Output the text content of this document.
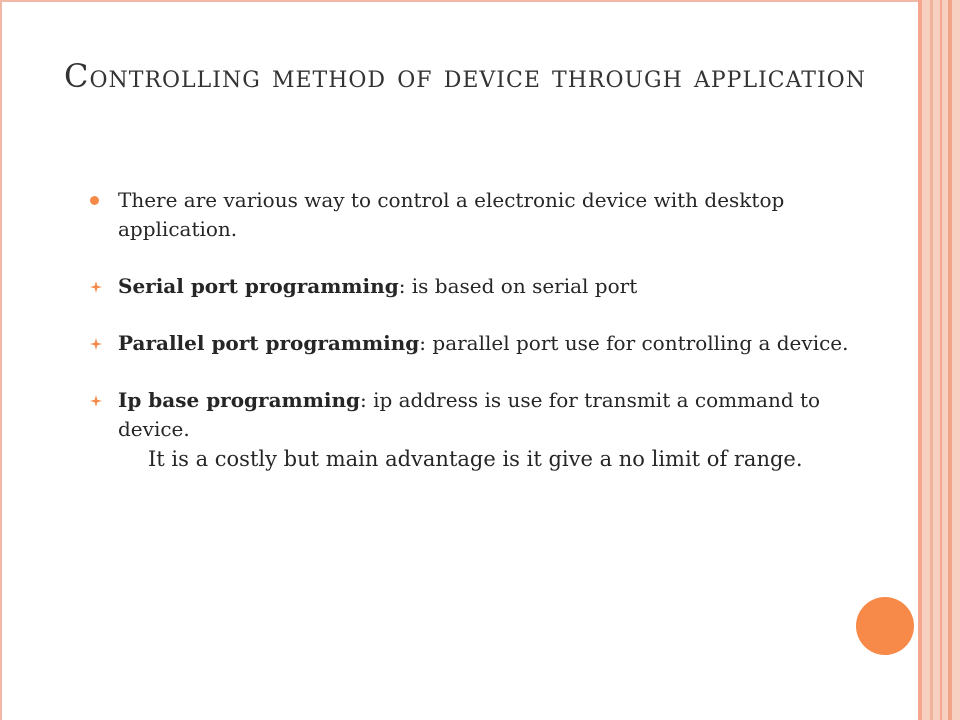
Controlling method of device through application
There are various way to control a electronic device with desktop application.
Serial port programming: is based on serial port
Parallel port programming: parallel port use for controlling a device.
Ip base programming: ip address is use for transmit a command to device.
It is a costly but main advantage is it give a no limit of range.
